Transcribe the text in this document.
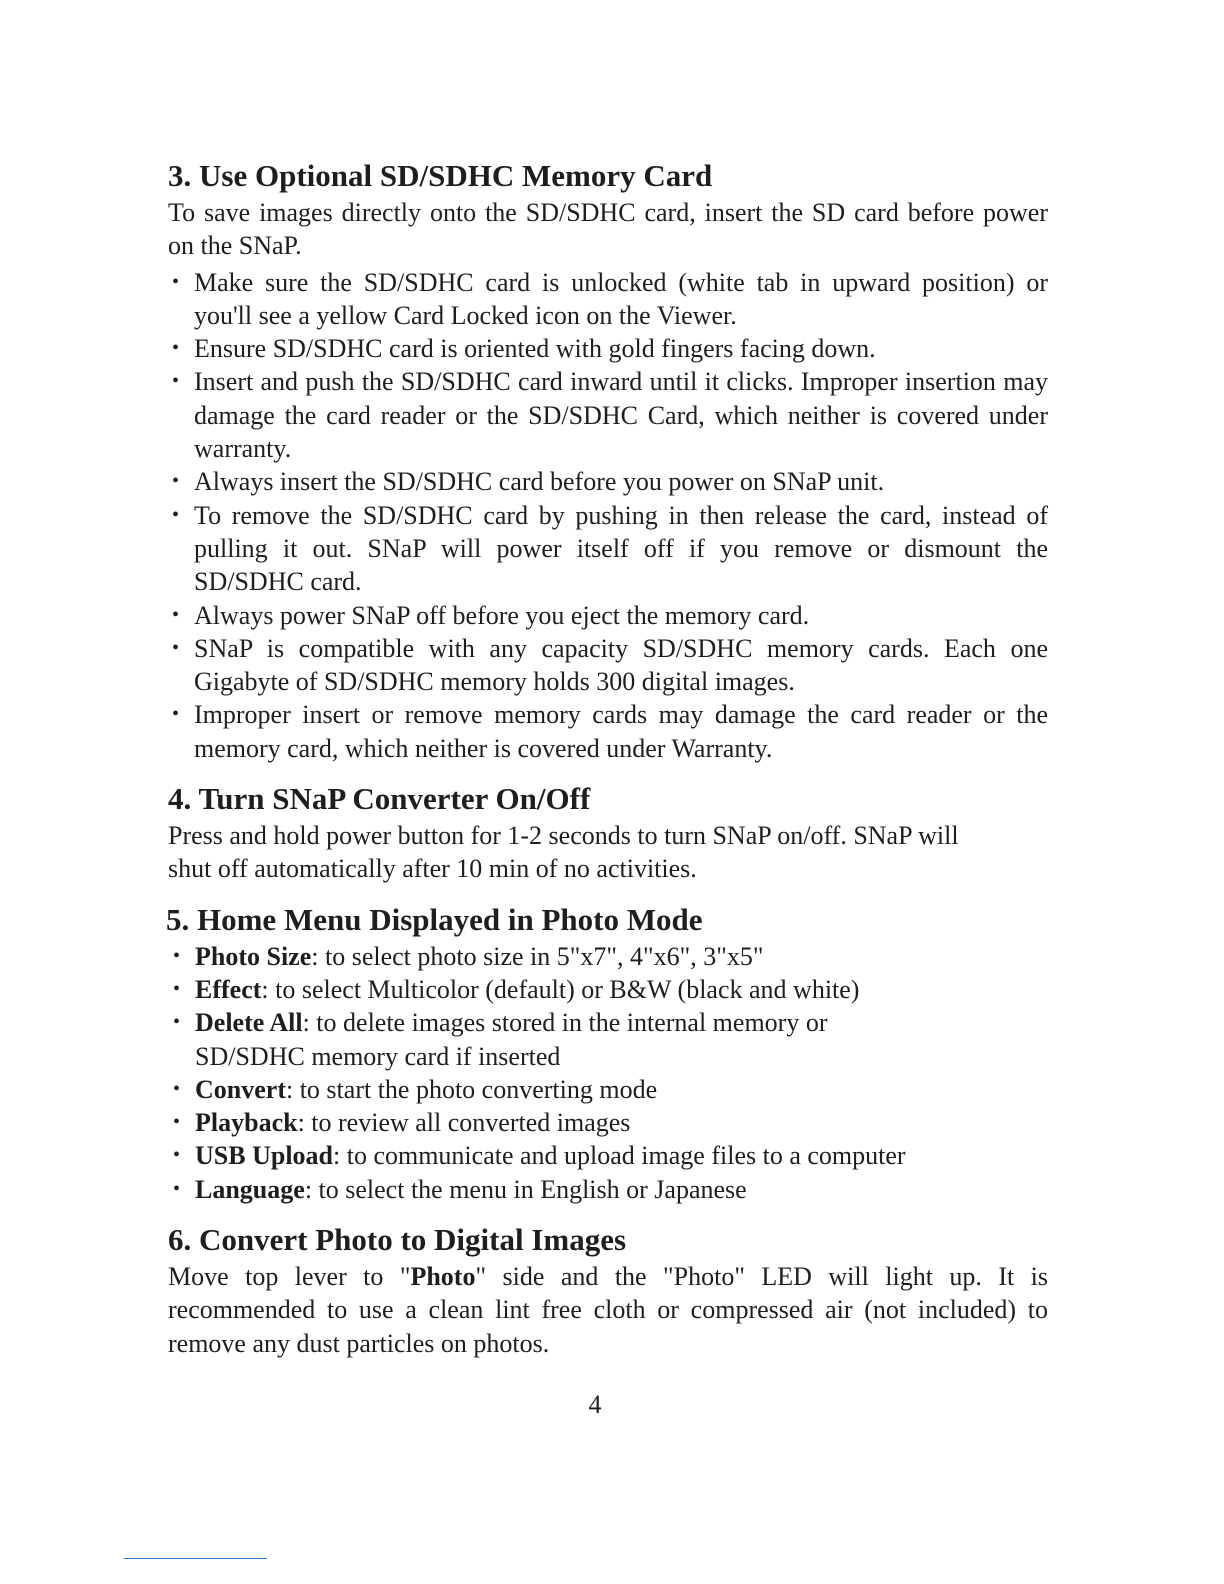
3. Use Optional SD/SDHC Memory Card

To save images directly onto the SD/SDHC card, insert the SD card before power on the SNaP.

• Make sure the SD/SDHC card is unlocked (white tab in upward position) or you'll see a yellow Card Locked icon on the Viewer.
• Ensure SD/SDHC card is oriented with gold fingers facing down.
• Insert and push the SD/SDHC card inward until it clicks. Improper insertion may damage the card reader or the SD/SDHC Card, which neither is covered under warranty.
• Always insert the SD/SDHC card before you power on SNaP unit.
• To remove the SD/SDHC card by pushing in then release the card, instead of pulling it out. SNaP will power itself off if you remove or dismount the SD/SDHC card.
• Always power SNaP off before you eject the memory card.
• SNaP is compatible with any capacity SD/SDHC memory cards. Each one Gigabyte of SD/SDHC memory holds 300 digital images.
• Improper insert or remove memory cards may damage the card reader or the memory card, which neither is covered under Warranty.
4. Turn SNaP Converter On/Off

Press and hold power button for 1-2 seconds to turn SNaP on/off. SNaP will
shut off automatically after 10 min of no activities.

5. Home Menu Displayed in Photo Mode
• Photo Size: to select photo size in 5"x7", 4"x6", 3"x5"
• Effect: to select Multicolor (default) or B&W (black and white)
• Delete All: to delete images stored in the internal memory or
SD/SDHC memory card if inserted
• Convert: to start the photo converting mode
• Playback: to review all converted images
• USB Upload: to communicate and upload image files to a computer
• Language: to select the menu in English or Japanese
6. Convert Photo to Digital Images

Move top lever to "Photo" side and the "Photo" LED will light up. It is recommended to use a clean lint free cloth or compressed air (not included) to remove any dust particles on photos.

4
